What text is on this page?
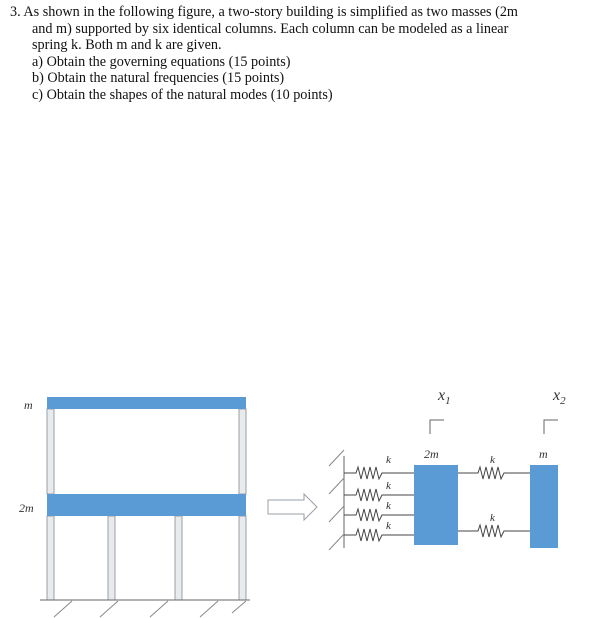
3. As shown in the following figure, a two-story building is simplified as two masses (2m

and m) supported by six identical columns. Each column can be modeled as a linear

spring k. Both m and k are given.

a) Obtain the governing equations (15 points)

b) Obtain the natural frequencies (15 points)

c) Obtain the shapes of the natural modes (10 points)

m
2m
k
k
k
k
2m	k
k
m
$x_1$	$x_2$
